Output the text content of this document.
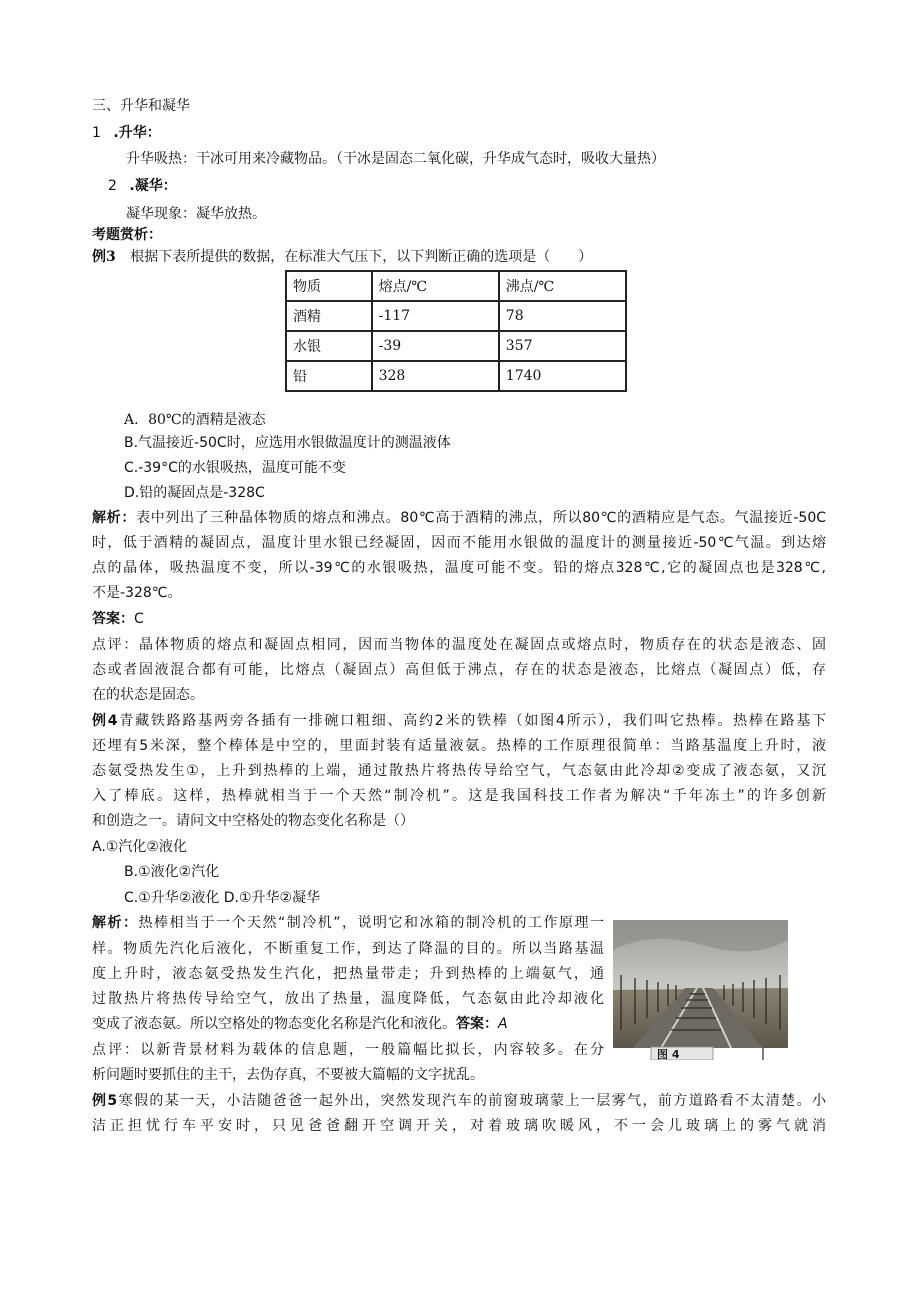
三、升华和凝华
1 .升华：
升华吸热：干冰可用来冷藏物品。（干冰是固态二氧化碳，升华成气态时，吸收大量热）
2 .凝华：
凝华现象：凝华放热。
考题赏析：
例3 根据下表所提供的数据，在标准大气压下，以下判断正确的选项是（　　）
物质	熔点/℃	沸点/℃
酒精	-117	78
水银	-39	357
铅	328	1740
A．80℃的酒精是液态
B.气温接近-50C时，应选用水银做温度计的测温液体
C.-39°C的水银吸热，温度可能不变
D.铅的凝固点是-328C
解析：表中列出了三种晶体物质的熔点和沸点。80℃高于酒精的沸点，所以80℃的酒精应是气态。气温接近-50C
时，低于酒精的凝固点，温度计里水银已经凝固，因而不能用水银做的温度计的测量接近-50℃气温。到达熔
点的晶体，吸热温度不变，所以-39℃的水银吸热，温度可能不变。铅的熔点328℃,它的凝固点也是328℃,
不是-328℃。
答案：C
点评：晶体物质的熔点和凝固点相同，因而当物体的温度处在凝固点或熔点时，物质存在的状态是液态、固
态或者固液混合都有可能，比熔点（凝固点）高但低于沸点，存在的状态是液态，比熔点（凝固点）低，存
在的状态是固态。
例4青藏铁路路基两旁各插有一排碗口粗细、高约2米的铁棒（如图4所示），我们叫它热棒。热棒在路基下
还埋有5米深，整个棒体是中空的，里面封装有适量液氨。热棒的工作原理很简单：当路基温度上升时，液
态氨受热发生①，上升到热棒的上端，通过散热片将热传导给空气，气态氨由此冷却②变成了液态氨，又沉
入了棒底。这样，热棒就相当于一个天然“制冷机”。这是我国科技工作者为解决“千年冻土”的许多创新
和创造之一。请问文中空格处的物态变化名称是（）
A.①汽化②液化
B.①液化②汽化
C.①升华②液化 D.①升华②凝华
解析：热棒相当于一个天然“制冷机”，说明它和冰箱的制冷机的工作原理一
样。物质先汽化后液化，不断重复工作，到达了降温的目的。所以当路基温
度上升时，液态氨受热发生汽化，把热量带走；升到热棒的上端氨气，通
过散热片将热传导给空气，放出了热量，温度降低，气态氨由此冷却液化
变成了液态氨。所以空格处的物态变化名称是汽化和液化。答案：A
点评：以新背景材料为载体的信息题，一般篇幅比拟长，内容较多。在分
析问题时要抓住的主干，去伪存真，不要被大篇幅的文字扰乱。
图 4
例5寒假的某一天，小洁随爸爸一起外出，突然发现汽车的前窗玻璃蒙上一层雾气，前方道路看不太清楚。小
洁正担忧行车平安时，只见爸爸翻开空调开关，对着玻璃吹暖风，不一会儿玻璃上的雾气就消
